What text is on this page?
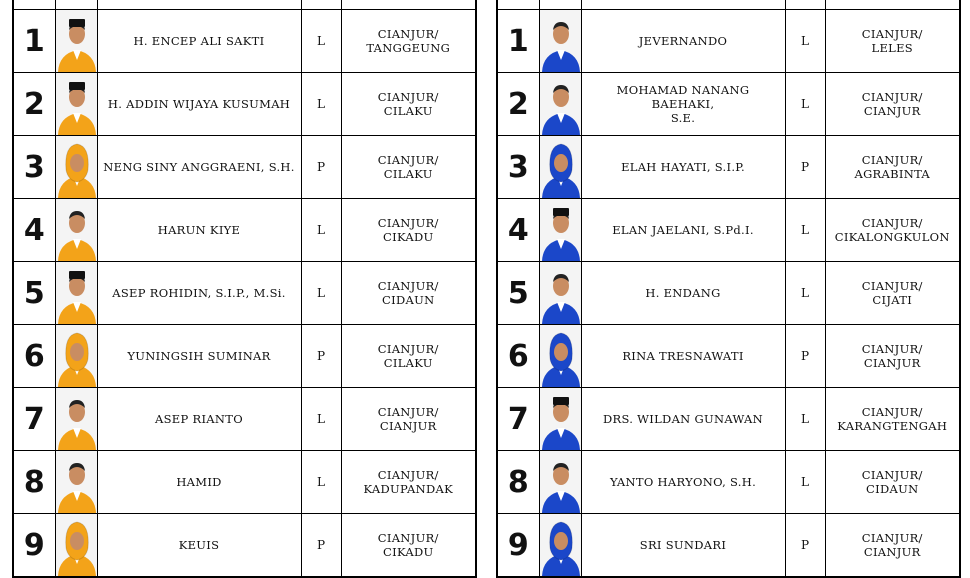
1		H. ENCEP ALI SAKTI	L	CIANJUR/
TANGGEUNG
2		H. ADDIN WIJAYA KUSUMAH	L	CIANJUR/
CILAKU
3		NENG SINY ANGGRAENI, S.H.	P	CIANJUR/
CILAKU
4		HARUN KIYE	L	CIANJUR/
CIKADU
5		ASEP ROHIDIN, S.I.P., M.Si.	L	CIANJUR/
CIDAUN
6		YUNINGSIH SUMINAR	P	CIANJUR/
CILAKU
7		ASEP RIANTO	L	CIANJUR/
CIANJUR
8		HAMID	L	CIANJUR/
KADUPANDAK
9		KEUIS	P	CIANJUR/
CIKADU

1		JEVERNANDO	L	CIANJUR/
LELES
2		MOHAMAD NANANG BAEHAKI,
S.E.	L	CIANJUR/
CIANJUR
3		ELAH HAYATI, S.I.P.	P	CIANJUR/
AGRABINTA
4		ELAN JAELANI, S.Pd.I.	L	CIANJUR/
CIKALONGKULON
5		H. ENDANG	L	CIANJUR/
CIJATI
6		RINA TRESNAWATI	P	CIANJUR/
CIANJUR
7		DRS. WILDAN GUNAWAN	L	CIANJUR/
KARANGTENGAH
8		YANTO HARYONO, S.H.	L	CIANJUR/
CIDAUN
9		SRI SUNDARI	P	CIANJUR/
CIANJUR
